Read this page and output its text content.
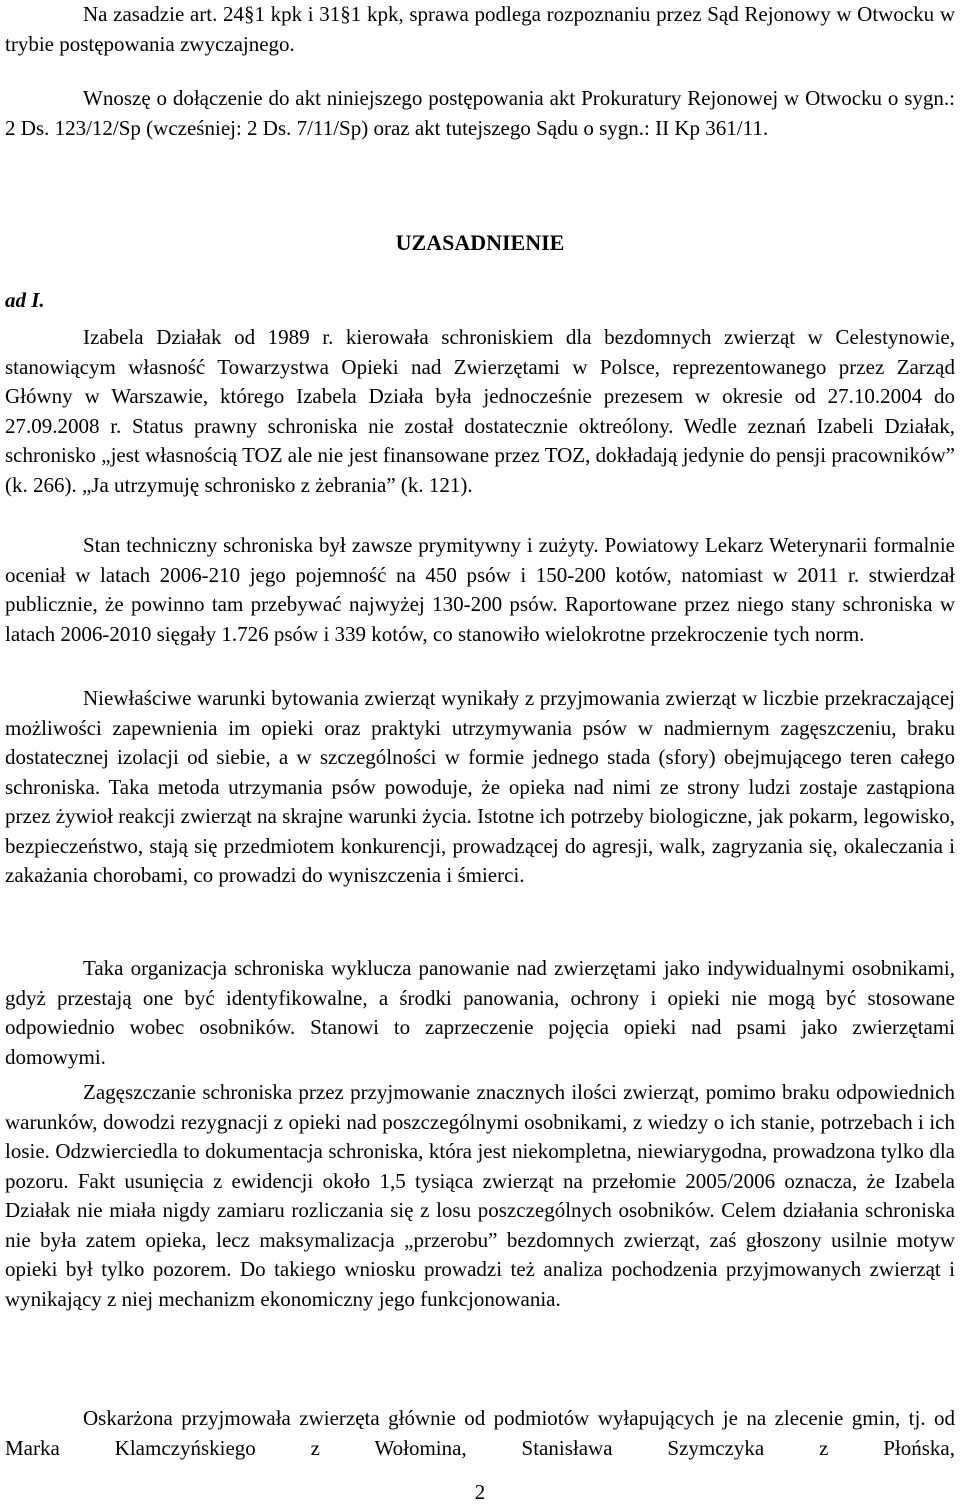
Na zasadzie art. 24§1 kpk i 31§1 kpk, sprawa podlega rozpoznaniu przez Sąd Rejonowy w Otwocku w trybie postępowania zwyczajnego.

Wnoszę o dołączenie do akt niniejszego postępowania akt Prokuratury Rejonowej w Otwocku o sygn.: 2 Ds. 123/12/Sp (wcześniej: 2 Ds. 7/11/Sp) oraz akt tutejszego Sądu o sygn.: II Kp 361/11.

UZASADNIENIE

ad I.

Izabela Działak od 1989 r. kierowała schroniskiem dla bezdomnych zwierząt w Celestynowie, stanowiącym własność Towarzystwa Opieki nad Zwierzętami w Polsce, reprezentowanego przez Zarząd Główny w Warszawie, którego Izabela Działa była jednocześnie prezesem w okresie od 27.10.2004 do 27.09.2008 r. Status prawny schroniska nie został dostatecznie oktreólony. Wedle zeznań Izabeli Działak, schronisko „jest własnością TOZ ale nie jest finansowane przez TOZ, dokładają jedynie do pensji pracowników” (k. 266). „Ja utrzymuję schronisko z żebrania” (k. 121).

Stan techniczny schroniska był zawsze prymitywny i zużyty. Powiatowy Lekarz Weterynarii formalnie oceniał w latach 2006-210 jego pojemność na 450 psów i 150-200 kotów, natomiast w 2011 r. stwierdzał publicznie, że powinno tam przebywać najwyżej 130-200 psów. Raportowane przez niego stany schroniska w latach 2006-2010 sięgały 1.726 psów i 339 kotów, co stanowiło wielokrotne przekroczenie tych norm.

Niewłaściwe warunki bytowania zwierząt wynikały z przyjmowania zwierząt w liczbie przekraczającej możliwości zapewnienia im opieki oraz praktyki utrzymywania psów w nadmiernym zagęszczeniu, braku dostatecznej izolacji od siebie, a w szczególności w formie jednego stada (sfory) obejmującego teren całego schroniska. Taka metoda utrzymania psów powoduje, że opieka nad nimi ze strony ludzi zostaje zastąpiona przez żywioł reakcji zwierząt na skrajne warunki życia. Istotne ich potrzeby biologiczne, jak pokarm, legowisko, bezpieczeństwo, stają się przedmiotem konkurencji, prowadzącej do agresji, walk, zagryzania się, okaleczania i zakażania chorobami, co prowadzi do wyniszczenia i śmierci.

Taka organizacja schroniska wyklucza panowanie nad zwierzętami jako indywidualnymi osobnikami, gdyż przestają one być identyfikowalne, a środki panowania, ochrony i opieki nie mogą być stosowane odpowiednio wobec osobników. Stanowi to zaprzeczenie pojęcia opieki nad psami jako zwierzętami domowymi.

Zagęszczanie schroniska przez przyjmowanie znacznych ilości zwierząt, pomimo braku odpowiednich warunków, dowodzi rezygnacji z opieki nad poszczególnymi osobnikami, z wiedzy o ich stanie, potrzebach i ich losie. Odzwierciedla to dokumentacja schroniska, która jest niekompletna, niewiarygodna, prowadzona tylko dla pozoru. Fakt usunięcia z ewidencji około 1,5 tysiąca zwierząt na przełomie 2005/2006 oznacza, że Izabela Działak nie miała nigdy zamiaru rozliczania się z losu poszczególnych osobników. Celem działania schroniska nie była zatem opieka, lecz maksymalizacja „przerobu” bezdomnych zwierząt, zaś głoszony usilnie motyw opieki był tylko pozorem. Do takiego wniosku prowadzi też analiza pochodzenia przyjmowanych zwierząt i wynikający z niej mechanizm ekonomiczny jego funkcjonowania.

Oskarżona przyjmowała zwierzęta głównie od podmiotów wyłapujących je na zlecenie gmin, tj. od Marka Klamczyńskiego z Wołomina, Stanisława Szymczyka z Płońska,

2
